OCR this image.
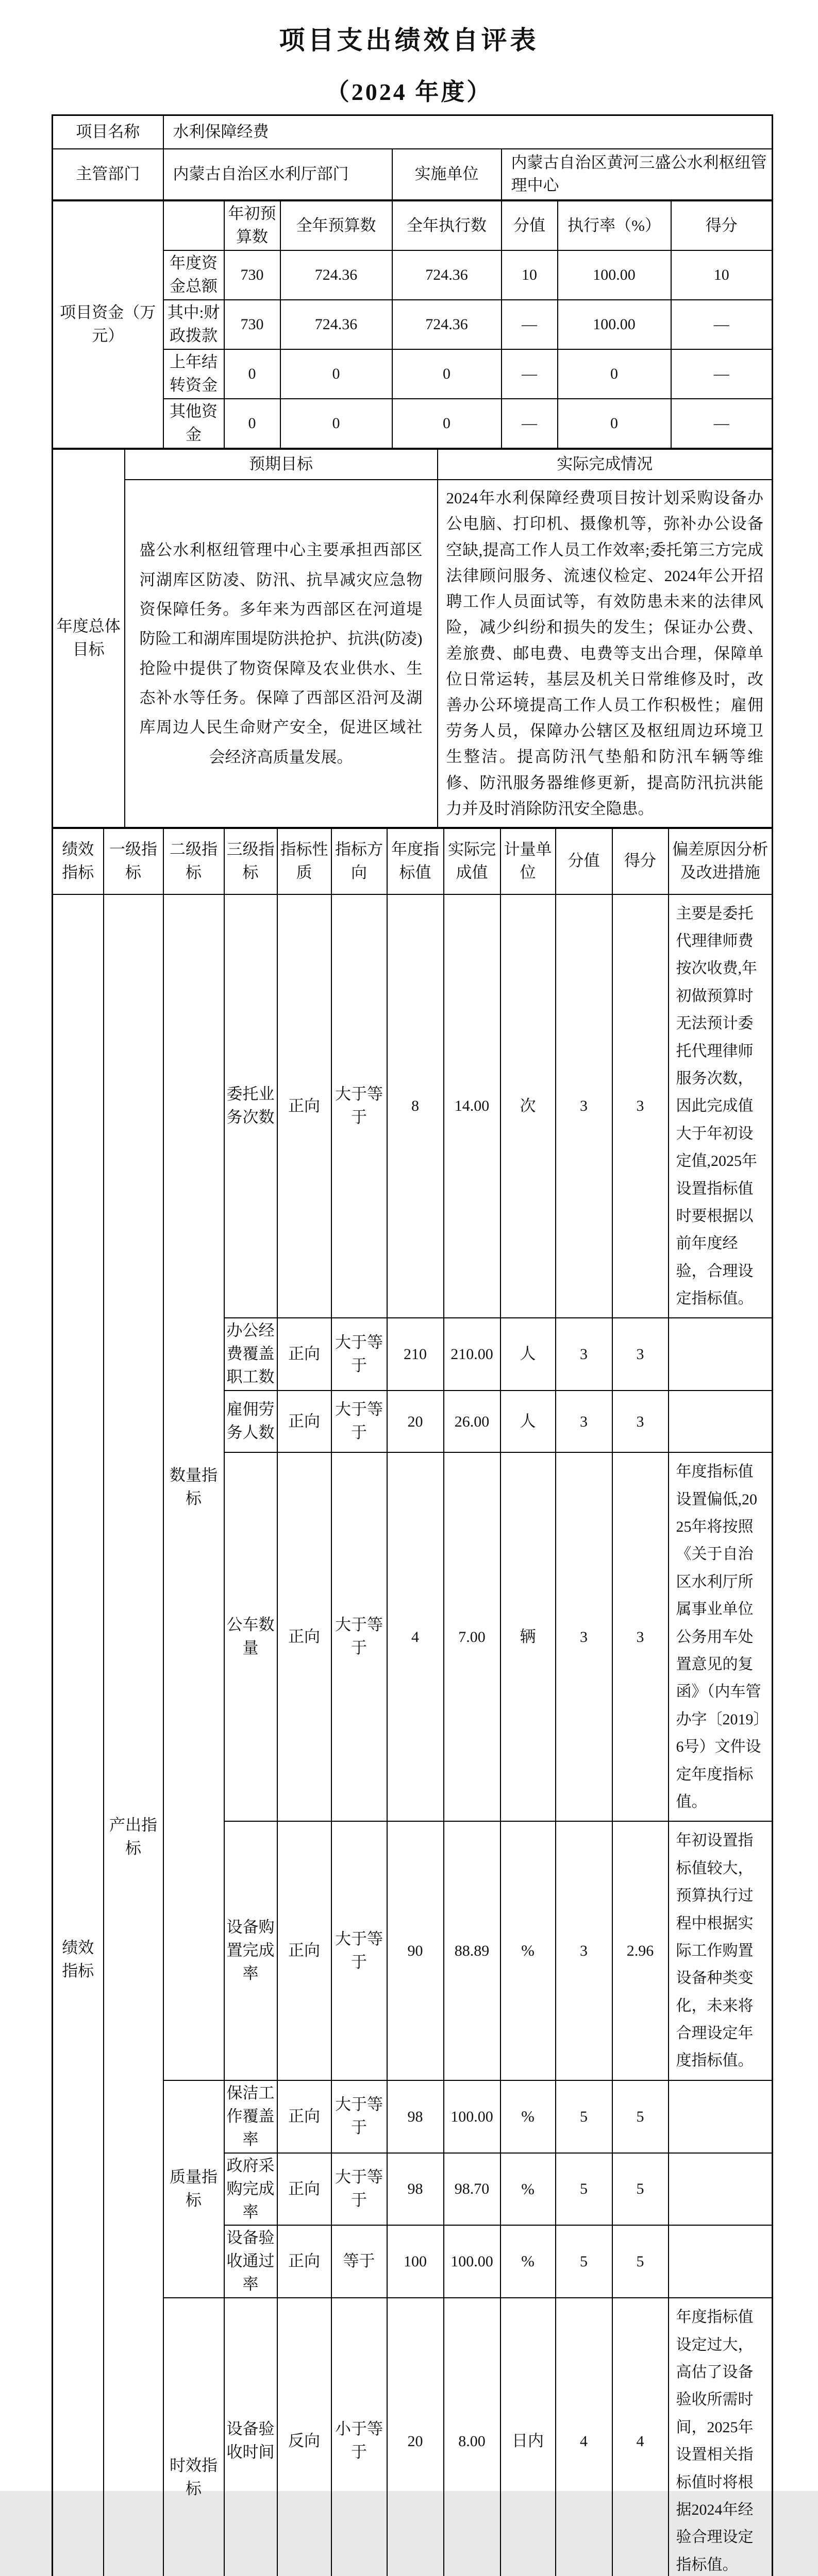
项目支出绩效自评表
（2024 年度）
项目名称	水利保障经费		
主管部门	内蒙古自治区水利厅部门	实施单位	内蒙古自治区黄河三盛公水利枢纽管理中心
项目资金（万元）		年初预算数	全年预算数	全年执行数	分值	执行率（%）	得分
	年度资金总额	730	724.36	724.36	10	100.00	10
	其中:财政拨款	730	724.36	724.36	—	100.00	—
	上年结转资金	0	0	0	—	0	—
	其他资金	0	0	0	—	0	—
年度总体目标	预期目标	实际完成情况
	盛公水利枢纽管理中心主要承担西部区河湖库区防凌、防汛、抗旱减灾应急物资保障任务。多年来为西部区在河道堤防险工和湖库围堤防洪抢护、抗洪(防凌)抢险中提供了物资保障及农业供水、生态补水等任务。保障了西部区沿河及湖库周边人民生命财产安全，促进区域社会经济高质量发展。	2024年水利保障经费项目按计划采购设备办公电脑、打印机、摄像机等，弥补办公设备空缺,提高工作人员工作效率;委托第三方完成法律顾问服务、流速仪检定、2024年公开招聘工作人员面试等，有效防患未来的法律风险，减少纠纷和损失的发生；保证办公费、差旅费、邮电费、电费等支出合理，保障单位日常运转，基层及机关日常维修及时，改善办公环境提高工作人员工作积极性；雇佣劳务人员，保障办公辖区及枢纽周边环境卫生整洁。提高防汛气垫船和防汛车辆等维修、防汛服务器维修更新，提高防汛抗洪能力并及时消除防汛安全隐患。
绩效指标	一级指标	二级指标	三级指标	指标性质	指标方向	年度指标值	实际完成值	计量单位	分值	得分	偏差原因分析及改进措施
绩效指标	产出指标	数量指标	委托业务次数	正向	大于等于	8	14.00	次	3	3	主要是委托代理律师费按次收费,年初做预算时无法预计委托代理律师服务次数，因此完成值大于年初设定值,2025年设置指标值时要根据以前年度经验，合理设定指标值。
			办公经费覆盖职工数	正向	大于等于	210	210.00	人	3	3	
			雇佣劳务人数	正向	大于等于	20	26.00	人	3	3	
			公车数量	正向	大于等于	4	7.00	辆	3	3	年度指标值设置偏低,2025年将按照《关于自治区水利厅所属事业单位公务用车处置意见的复函》（内车管办字〔2019〕6号）文件设定年度指标值。
			设备购置完成率	正向	大于等于	90	88.89	%	3	2.96	年初设置指标值较大，预算执行过程中根据实际工作购置设备种类变化，未来将合理设定年度指标值。
		质量指标	保洁工作覆盖率	正向	大于等于	98	100.00	%	5	5	
			政府采购完成率	正向	大于等于	98	98.70	%	5	5	
			设备验收通过率	正向	等于	100	100.00	%	5	5	
		时效指标	设备验收时间	反向	小于等于	20	8.00	日内	4	4	年度指标值设定过大，高估了设备验收所需时间，2025年设置相关指标值时将根据2024年经验合理设定指标值。
